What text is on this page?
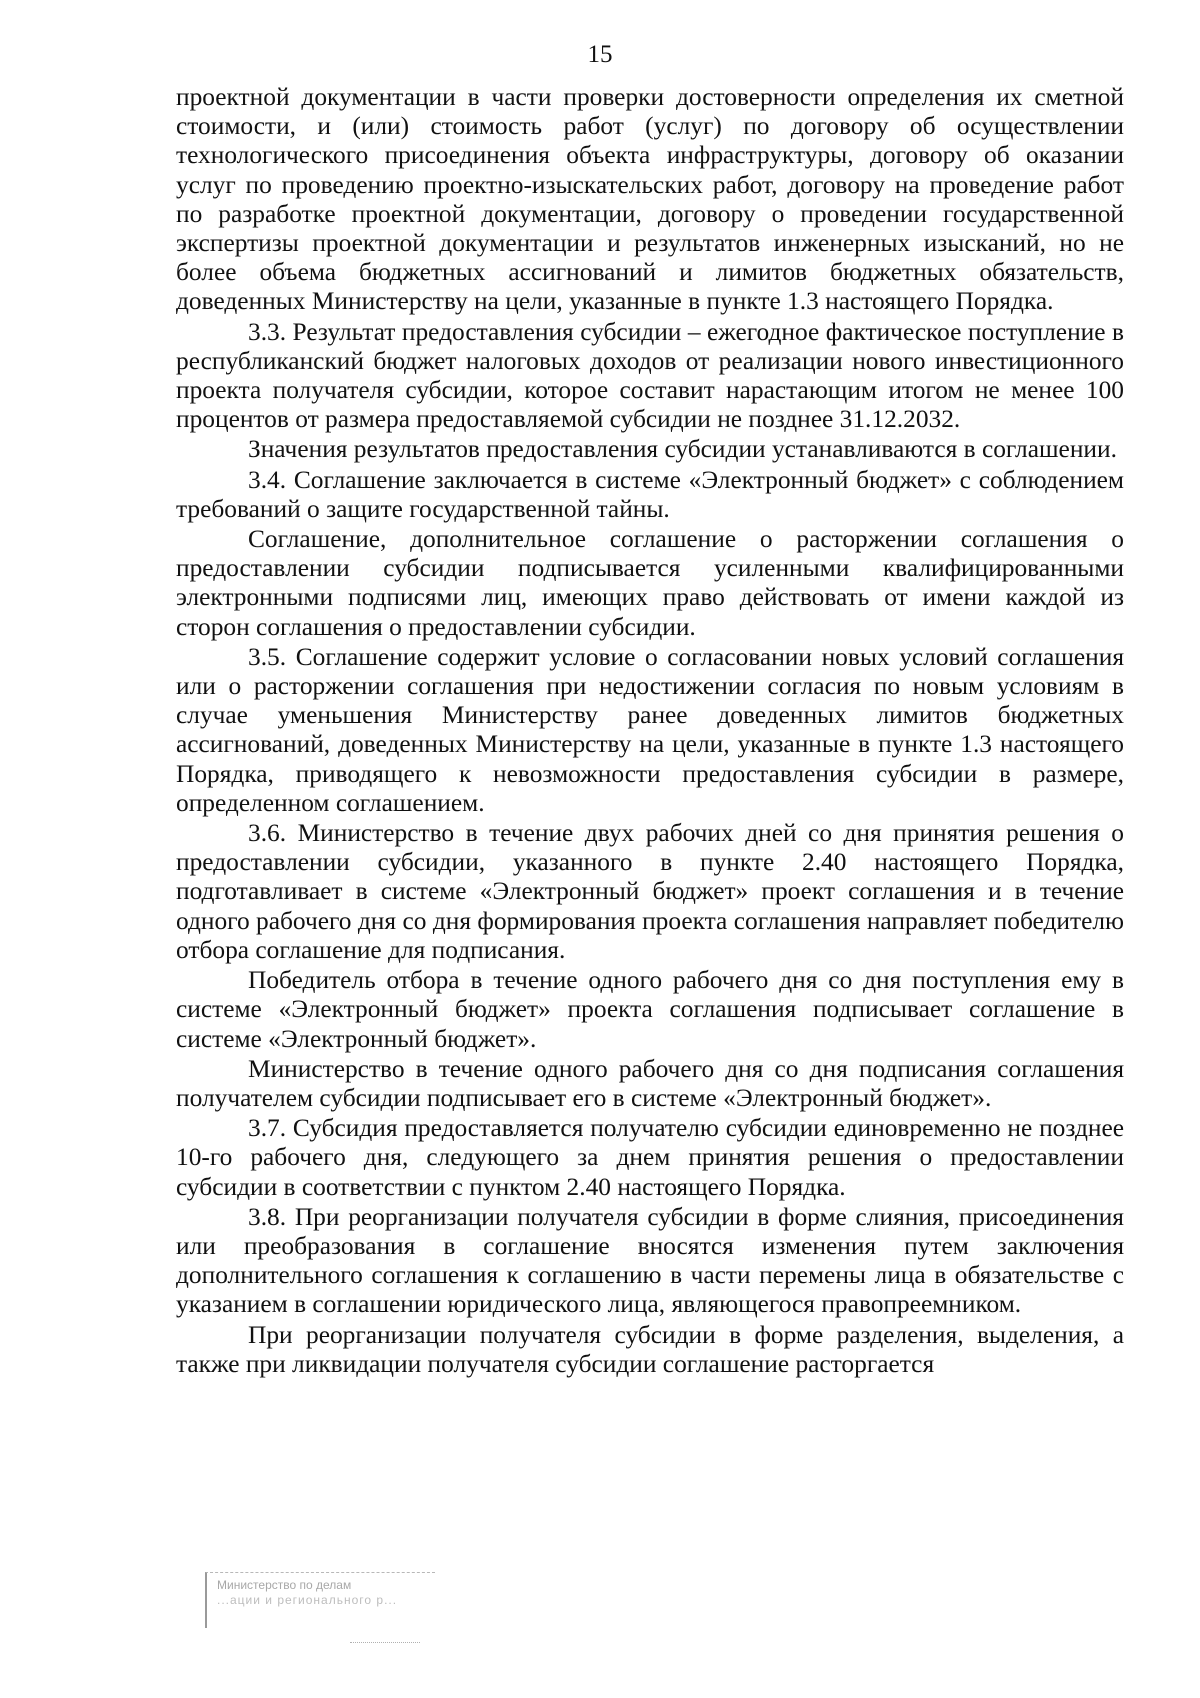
15

проектной документации в части проверки достоверности определения их сметной стоимости, и (или) стоимость работ (услуг) по договору об осуществлении технологического присоединения объекта инфраструктуры, договору об оказании услуг по проведению проектно-изыскательских работ, договору на проведение работ по разработке проектной документации, договору о проведении государственной экспертизы проектной документации и результатов инженерных изысканий, но не более объема бюджетных ассигнований и лимитов бюджетных обязательств, доведенных Министерству на цели, указанные в пункте 1.3 настоящего Порядка.

3.3. Результат предоставления субсидии – ежегодное фактическое поступление в республиканский бюджет налоговых доходов от реализации нового инвестиционного проекта получателя субсидии, которое составит нарастающим итогом не менее 100 процентов от размера предоставляемой субсидии не позднее 31.12.2032.

Значения результатов предоставления субсидии устанавливаются в соглашении.

3.4. Соглашение заключается в системе «Электронный бюджет» с соблюдением требований о защите государственной тайны.

Соглашение, дополнительное соглашение о расторжении соглашения о предоставлении субсидии подписывается усиленными квалифицированными электронными подписями лиц, имеющих право действовать от имени каждой из сторон соглашения о предоставлении субсидии.

3.5. Соглашение содержит условие о согласовании новых условий соглашения или о расторжении соглашения при недостижении согласия по новым условиям в случае уменьшения Министерству ранее доведенных лимитов бюджетных ассигнований, доведенных Министерству на цели, указанные в пункте 1.3 настоящего Порядка, приводящего к невозможности предоставления субсидии в размере, определенном соглашением.

3.6. Министерство в течение двух рабочих дней со дня принятия решения о предоставлении субсидии, указанного в пункте 2.40 настоящего Порядка, подготавливает в системе «Электронный бюджет» проект соглашения и в течение одного рабочего дня со дня формирования проекта соглашения направляет победителю отбора соглашение для подписания.

Победитель отбора в течение одного рабочего дня со дня поступления ему в системе «Электронный бюджет» проекта соглашения подписывает соглашение в системе «Электронный бюджет».

Министерство в течение одного рабочего дня со дня подписания соглашения получателем субсидии подписывает его в системе «Электронный бюджет».

3.7. Субсидия предоставляется получателю субсидии единовременно не позднее 10-го рабочего дня, следующего за днем принятия решения о предоставлении субсидии в соответствии с пунктом 2.40 настоящего Порядка.

3.8. При реорганизации получателя субсидии в форме слияния, присоединения или преобразования в соглашение вносятся изменения путем заключения дополнительного соглашения к соглашению в части перемены лица в обязательстве с указанием в соглашении юридического лица, являющегося правопреемником.

При реорганизации получателя субсидии в форме разделения, выделения, а также при ликвидации получателя субсидии соглашение расторгается

Министерство по делам
...ации и регионального р...
